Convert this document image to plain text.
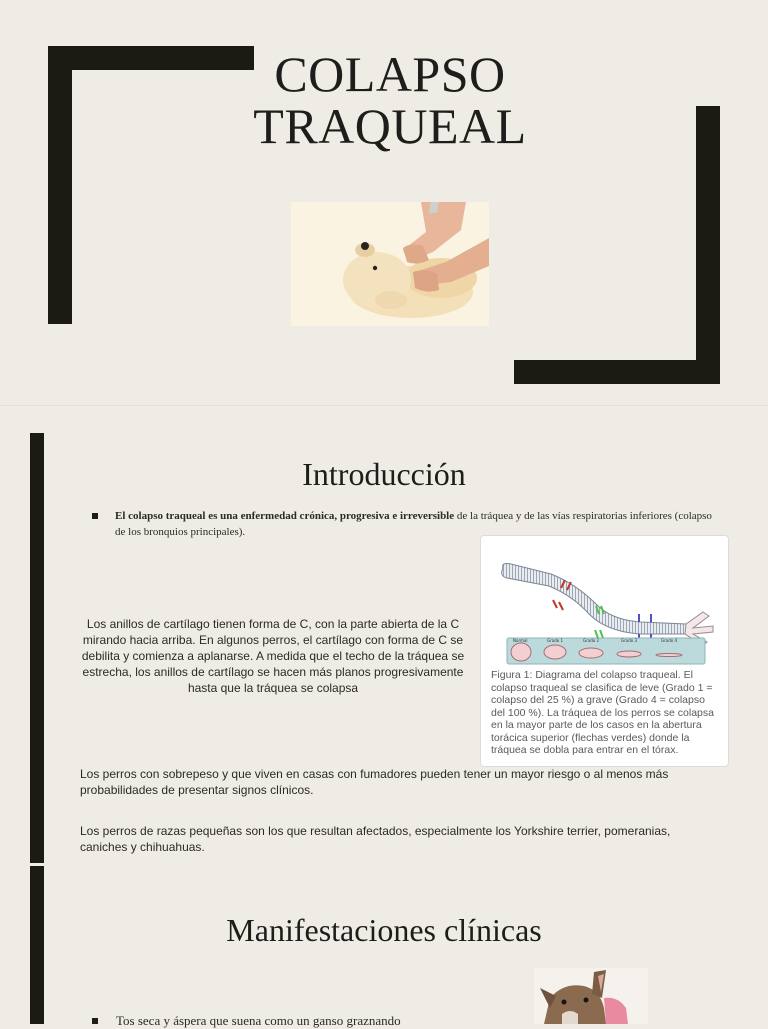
COLAPSO
TRAQUEAL
Introducción
El colapso traqueal es una enfermedad crónica, progresiva e irreversible de la tráquea y de las vías respiratorias inferiores (colapso de los bronquios principales).
Los anillos de cartílago tienen forma de C, con la parte abierta de la C mirando hacia arriba. En algunos perros, el cartílago con forma de C se debilita y comienza a aplanarse. A medida que el techo de la tráquea se estrecha, los anillos de cartílago se hacen más planos progresivamente hasta que la tráquea se colapsa
Normal	Grado 1	Grado 2	Grado 3	Grado 4
Figura 1: Diagrama del colapso traqueal. El colapso traqueal se clasifica de leve (Grado 1 = colapso del 25 %) a grave (Grado 4 = colapso del 100 %). La tráquea de los perros se colapsa en la mayor parte de los casos en la abertura torácica superior (flechas verdes) donde la tráquea se dobla para entrar en el tórax.
Los perros con sobrepeso y que viven en casas con fumadores pueden tener un mayor riesgo o al menos más probabilidades de presentar signos clínicos.
Los perros de razas pequeñas son los que resultan afectados, especialmente los Yorkshire terrier, pomeranias, caniches y chihuahuas.
Manifestaciones clínicas
Tos seca y áspera que suena como un ganso graznando
